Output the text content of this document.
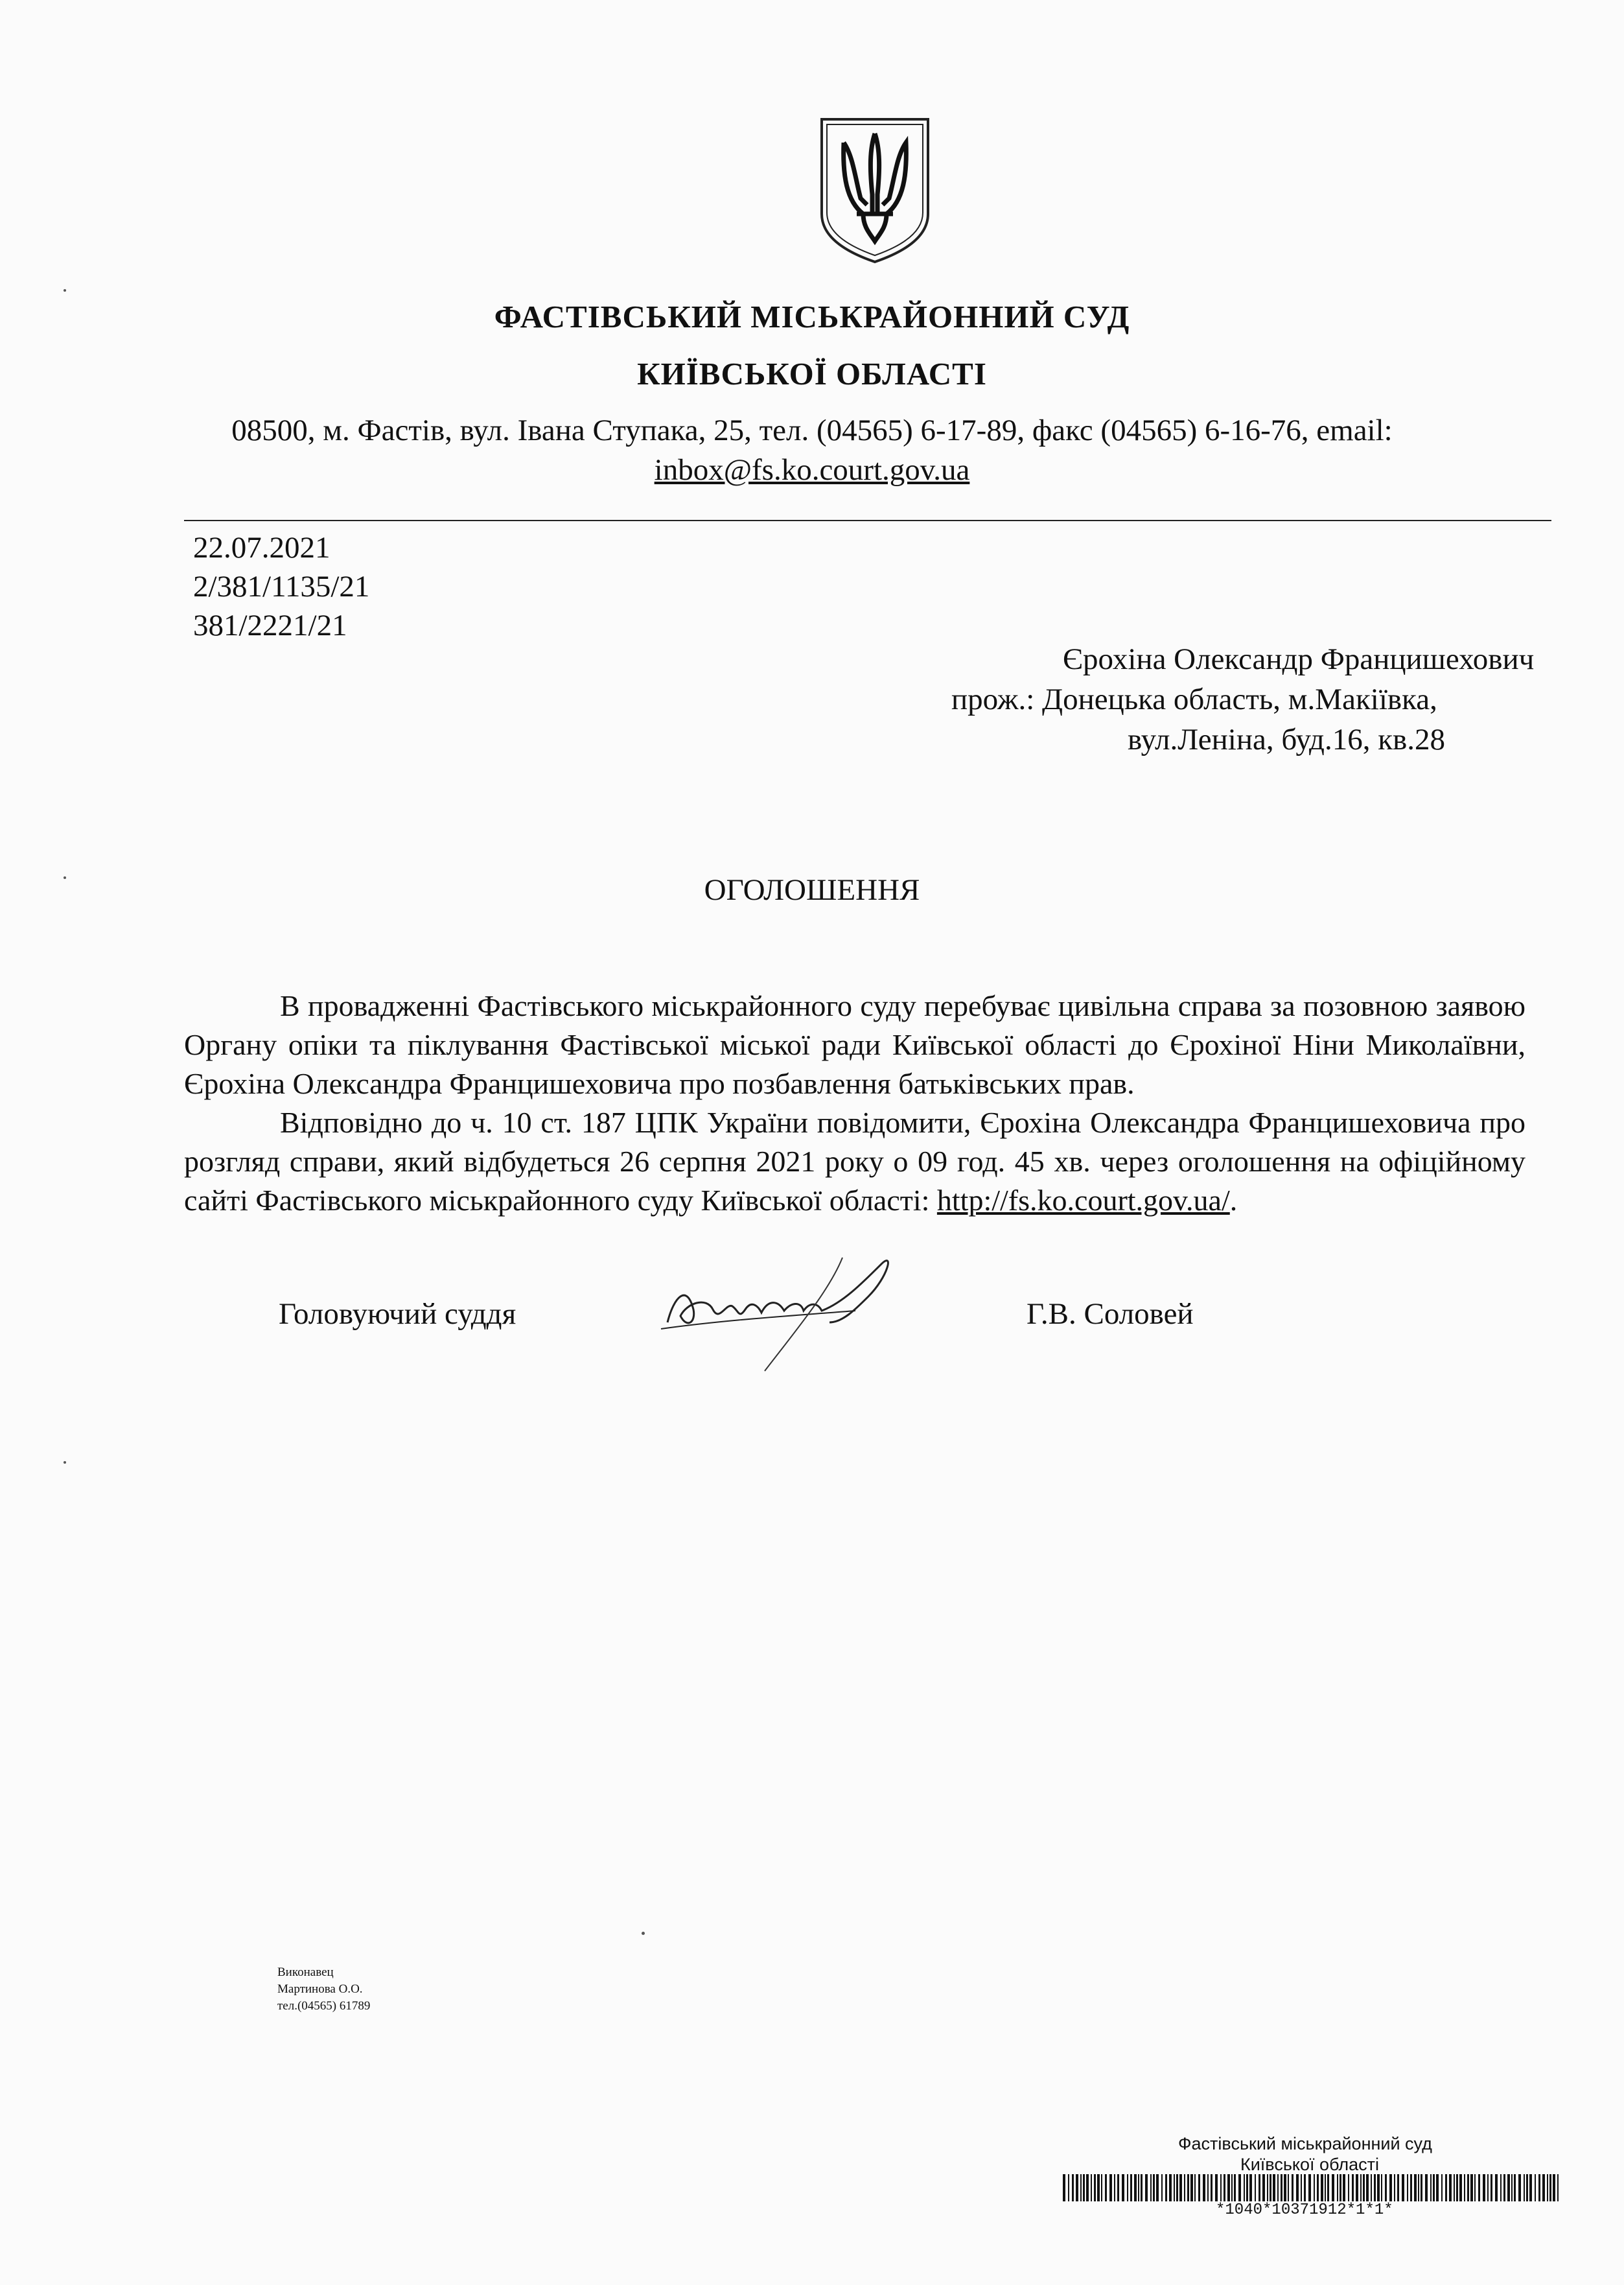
ФАСТІВСЬКИЙ МІСЬКРАЙОННИЙ СУД
КИЇВСЬКОЇ ОБЛАСТІ
08500, м. Фастів, вул. Івана Ступака, 25, тел. (04565) 6-17-89, факс (04565) 6-16-76, email:
inbox@fs.ko.court.gov.ua
22.07.2021
2/381/1135/21
381/2221/21
Єрохіна Олександр Францишехович
прож.: Донецька область, м.Макіївка,
вул.Леніна, буд.16, кв.28
ОГОЛОШЕННЯ

В провадженні Фастівського міськрайонного суду перебуває цивільна справа за позовною заявою Органу опіки та піклування Фастівської міської ради Київської області до Єрохіної Ніни Миколаївни, Єрохіна Олександра Францишеховича про позбавлення батьківських прав.

Відповідно до ч. 10 ст. 187 ЦПК України повідомити, Єрохіна Олександра Францишеховича про розгляд справи, який відбудеться 26 серпня 2021 року о 09 год. 45 хв. через оголошення на офіційному сайті Фастівського міськрайонного суду Київської області: http://fs.ko.court.gov.ua/.

Головуючий суддя	Г.В. Соловей
Виконавец
Мартинова О.О.
тел.(04565) 61789
Фастівський міськрайонний суд
Київської області
*1040*10371912*1*1*
